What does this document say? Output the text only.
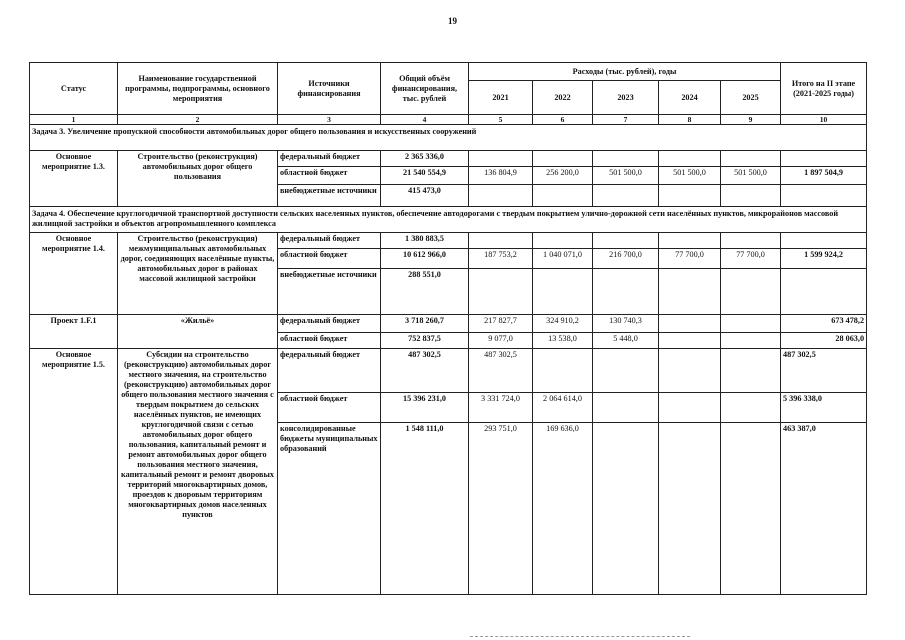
19
Статус	Наименование государственной программы, подпрограммы, основного мероприятия	Источники финансирования	Общий объём финансирования, тыс. рублей	Расходы (тыс. рублей), годы					Итого на II этапе (2021-2025 годы)
				2021	2022	2023	2024	2025	
1	2	3	4	5	6	7	8	9	10
Задача 3. Увеличение пропускной способности автомобильных дорог общего пользования и искусственных сооружений									
Основное мероприятие 1.3.	Строительство (реконструкция) автомобильных дорог общего пользования	федеральный бюджет	2 365 336,0						
		областной бюджет	21 540 554,9	136 804,9	256 200,0	501 500,0	501 500,0	501 500,0	1 897 504,9
		внебюджетные источники	415 473,0						
Задача 4. Обеспечение круглогодичной транспортной доступности сельских населенных пунктов, обеспечение автодорогами с твердым покрытием улично-дорожной сети населённых пунктов, микрорайонов массовой жилищной застройки и объектов агропромышленного комплекса									
Основное мероприятие 1.4.	Строительство (реконструкция) межмуниципальных автомобильных дорог, соединяющих населённые пункты, автомобильных дорог в районах массовой жилищной застройки	федеральный бюджет	1 380 883,5						
		областной бюджет	10 612 966,0	187 753,2	1 040 071,0	216 700,0	77 700,0	77 700,0	1 599 924,2
		внебюджетные источники	288 551,0						
Проект 1.F.1	«Жильё»	федеральный бюджет	3 718 260,7	217 827,7	324 910,2	130 740,3			673 478,2
		областной бюджет	752 837,5	9 077,0	13 538,0	5 448,0			28 063,0
Основное мероприятие 1.5.	Субсидии на строительство (реконструкцию) автомобильных дорог местного значения, на строительство (реконструкцию) автомобильных дорог общего пользования местного значения с твердым покрытием до сельских населённых пунктов, не имеющих круглогодичной связи с сетью автомобильных дорог общего пользования, капитальный ремонт и ремонт автомобильных дорог общего пользования местного значения, капитальный ремонт и ремонт дворовых территорий многоквартирных домов, проездов к дворовым территориям многоквартирных домов населенных пунктов	федеральный бюджет	487 302,5	487 302,5					487 302,5
		областной бюджет	15 396 231,0	3 331 724,0	2 064 614,0				5 396 338,0
		консолидированные бюджеты муниципальных образований	1 548 111,0	293 751,0	169 636,0				463 387,0
